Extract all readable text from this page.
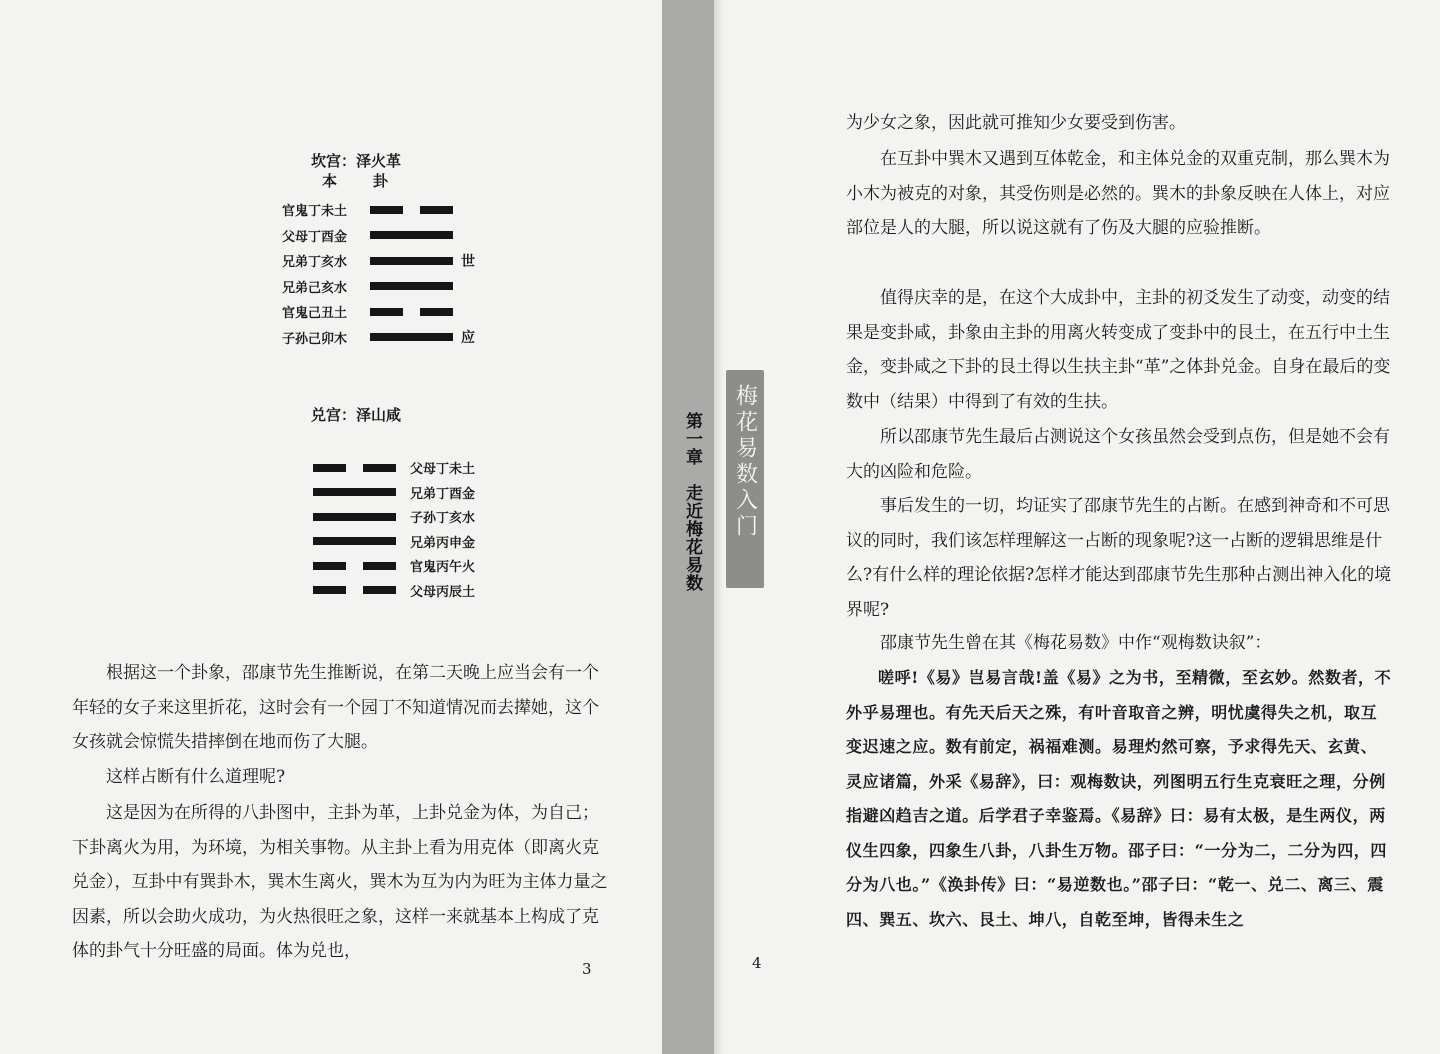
坎宫：泽火革
本　　卦
官鬼丁未土
父母丁酉金
兄弟丁亥水	世
兄弟己亥水
官鬼己丑土
子孙己卯木	应
兑宫：泽山咸
父母丁未土
兄弟丁酉金
子孙丁亥水
兄弟丙申金
官鬼丙午火
父母丙辰土
根据这一个卦象，邵康节先生推断说，在第二天晚上应当会有一个年轻的女子来这里折花，这时会有一个园丁不知道情况而去撵她，这个女孩就会惊慌失措摔倒在地而伤了大腿。
这样占断有什么道理呢?
这是因为在所得的八卦图中，主卦为革，上卦兑金为体，为自己；下卦离火为用，为环境，为相关事物。从主卦上看为用克体（即离火克兑金），互卦中有巽卦木，巽木生离火，巽木为互为内为旺为主体力量之因素，所以会助火成功，为火热很旺之象，这样一来就基本上构成了克体的卦气十分旺盛的局面。体为兑也，
3
第一章　走近梅花易数
为少女之象，因此就可推知少女要受到伤害。
在互卦中巽木又遇到互体乾金，和主体兑金的双重克制，那么巽木为小木为被克的对象，其受伤则是必然的。巽木的卦象反映在人体上，对应部位是人的大腿，所以说这就有了伤及大腿的应验推断。
值得庆幸的是，在这个大成卦中，主卦的初爻发生了动变，动变的结果是变卦咸，卦象由主卦的用离火转变成了变卦中的艮土，在五行中土生金，变卦咸之下卦的艮土得以生扶主卦“革”之体卦兑金。自身在最后的变数中（结果）中得到了有效的生扶。
所以邵康节先生最后占测说这个女孩虽然会受到点伤，但是她不会有大的凶险和危险。
事后发生的一切，均证实了邵康节先生的占断。在感到神奇和不可思议的同时，我们该怎样理解这一占断的现象呢?这一占断的逻辑思维是什么?有什么样的理论依据?怎样才能达到邵康节先生那种占测出神入化的境界呢?
邵康节先生曾在其《梅花易数》中作“观梅数诀叙”：
嗟呼!《易》岂易言哉!盖《易》之为书，至精微，至玄妙。然数者，不外乎易理也。有先天后天之殊，有叶音取音之辨，明忧虞得失之机，取互变迟速之应。数有前定，祸福难测。易理灼然可察，予求得先天、玄黄、灵应诸篇，外采《易辞》，曰：观梅数诀，列图明五行生克衰旺之理，分例指避凶趋吉之道。后学君子幸鉴焉。《易辞》曰：易有太极，是生两仪，两仪生四象，四象生八卦，八卦生万物。邵子曰：“一分为二，二分为四，四分为八也。”《涣卦传》曰：“易逆数也。”邵子曰：“乾一、兑二、离三、震四、巽五、坎六、艮土、坤八，自乾至坤，皆得未生之
4
梅花易数入门
